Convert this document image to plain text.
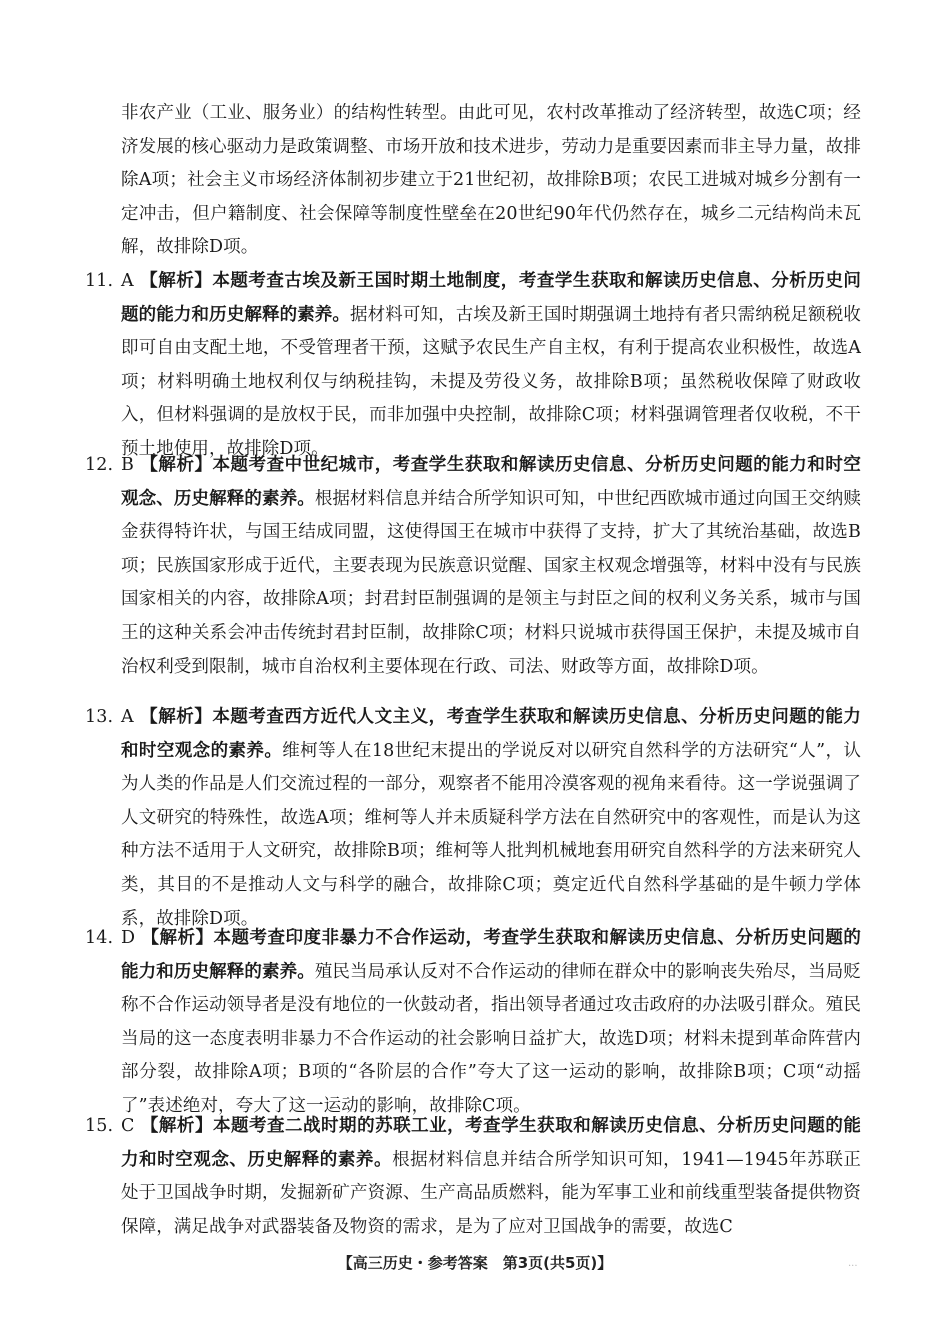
非农产业（工业、服务业）的结构性转型。由此可见，农村改革推动了经济转型，故选C项；经济发展的核心驱动力是政策调整、市场开放和技术进步，劳动力是重要因素而非主导力量，故排除A项；社会主义市场经济体制初步建立于21世纪初，故排除B项；农民工进城对城乡分割有一定冲击，但户籍制度、社会保障等制度性壁垒在20世纪90年代仍然存在，城乡二元结构尚未瓦解，故排除D项。
11. A 【解析】本题考查古埃及新王国时期土地制度，考查学生获取和解读历史信息、分析历史问题的能力和历史解释的素养。据材料可知，古埃及新王国时期强调土地持有者只需纳税足额税收即可自由支配土地，不受管理者干预，这赋予农民生产自主权，有利于提高农业积极性，故选A项；材料明确土地权利仅与纳税挂钩，未提及劳役义务，故排除B项；虽然税收保障了财政收入，但材料强调的是放权于民，而非加强中央控制，故排除C项；材料强调管理者仅收税，不干预土地使用，故排除D项。
12. B 【解析】本题考查中世纪城市，考查学生获取和解读历史信息、分析历史问题的能力和时空观念、历史解释的素养。根据材料信息并结合所学知识可知，中世纪西欧城市通过向国王交纳赎金获得特许状，与国王结成同盟，这使得国王在城市中获得了支持，扩大了其统治基础，故选B项；民族国家形成于近代，主要表现为民族意识觉醒、国家主权观念增强等，材料中没有与民族国家相关的内容，故排除A项；封君封臣制强调的是领主与封臣之间的权利义务关系，城市与国王的这种关系会冲击传统封君封臣制，故排除C项；材料只说城市获得国王保护，未提及城市自治权利受到限制，城市自治权利主要体现在行政、司法、财政等方面，故排除D项。
13. A 【解析】本题考查西方近代人文主义，考查学生获取和解读历史信息、分析历史问题的能力和时空观念的素养。维柯等人在18世纪末提出的学说反对以研究自然科学的方法研究“人”，认为人类的作品是人们交流过程的一部分，观察者不能用冷漠客观的视角来看待。这一学说强调了人文研究的特殊性，故选A项；维柯等人并未质疑科学方法在自然研究中的客观性，而是认为这种方法不适用于人文研究，故排除B项；维柯等人批判机械地套用研究自然科学的方法来研究人类，其目的不是推动人文与科学的融合，故排除C项；奠定近代自然科学基础的是牛顿力学体系，故排除D项。
14. D 【解析】本题考查印度非暴力不合作运动，考查学生获取和解读历史信息、分析历史问题的能力和历史解释的素养。殖民当局承认反对不合作运动的律师在群众中的影响丧失殆尽，当局贬称不合作运动领导者是没有地位的一伙鼓动者，指出领导者通过攻击政府的办法吸引群众。殖民当局的这一态度表明非暴力不合作运动的社会影响日益扩大，故选D项；材料未提到革命阵营内部分裂，故排除A项；B项的“各阶层的合作”夸大了这一运动的影响，故排除B项；C项“动摇了”表述绝对，夸大了这一运动的影响，故排除C项。
15. C 【解析】本题考查二战时期的苏联工业，考查学生获取和解读历史信息、分析历史问题的能力和时空观念、历史解释的素养。根据材料信息并结合所学知识可知，1941—1945年苏联正处于卫国战争时期，发掘新矿产资源、生产高品质燃料，能为军事工业和前线重型装备提供物资保障，满足战争对武器装备及物资的需求，是为了应对卫国战争的需要，故选C
【高三历史・参考答案　第3页(共5页)】	...
